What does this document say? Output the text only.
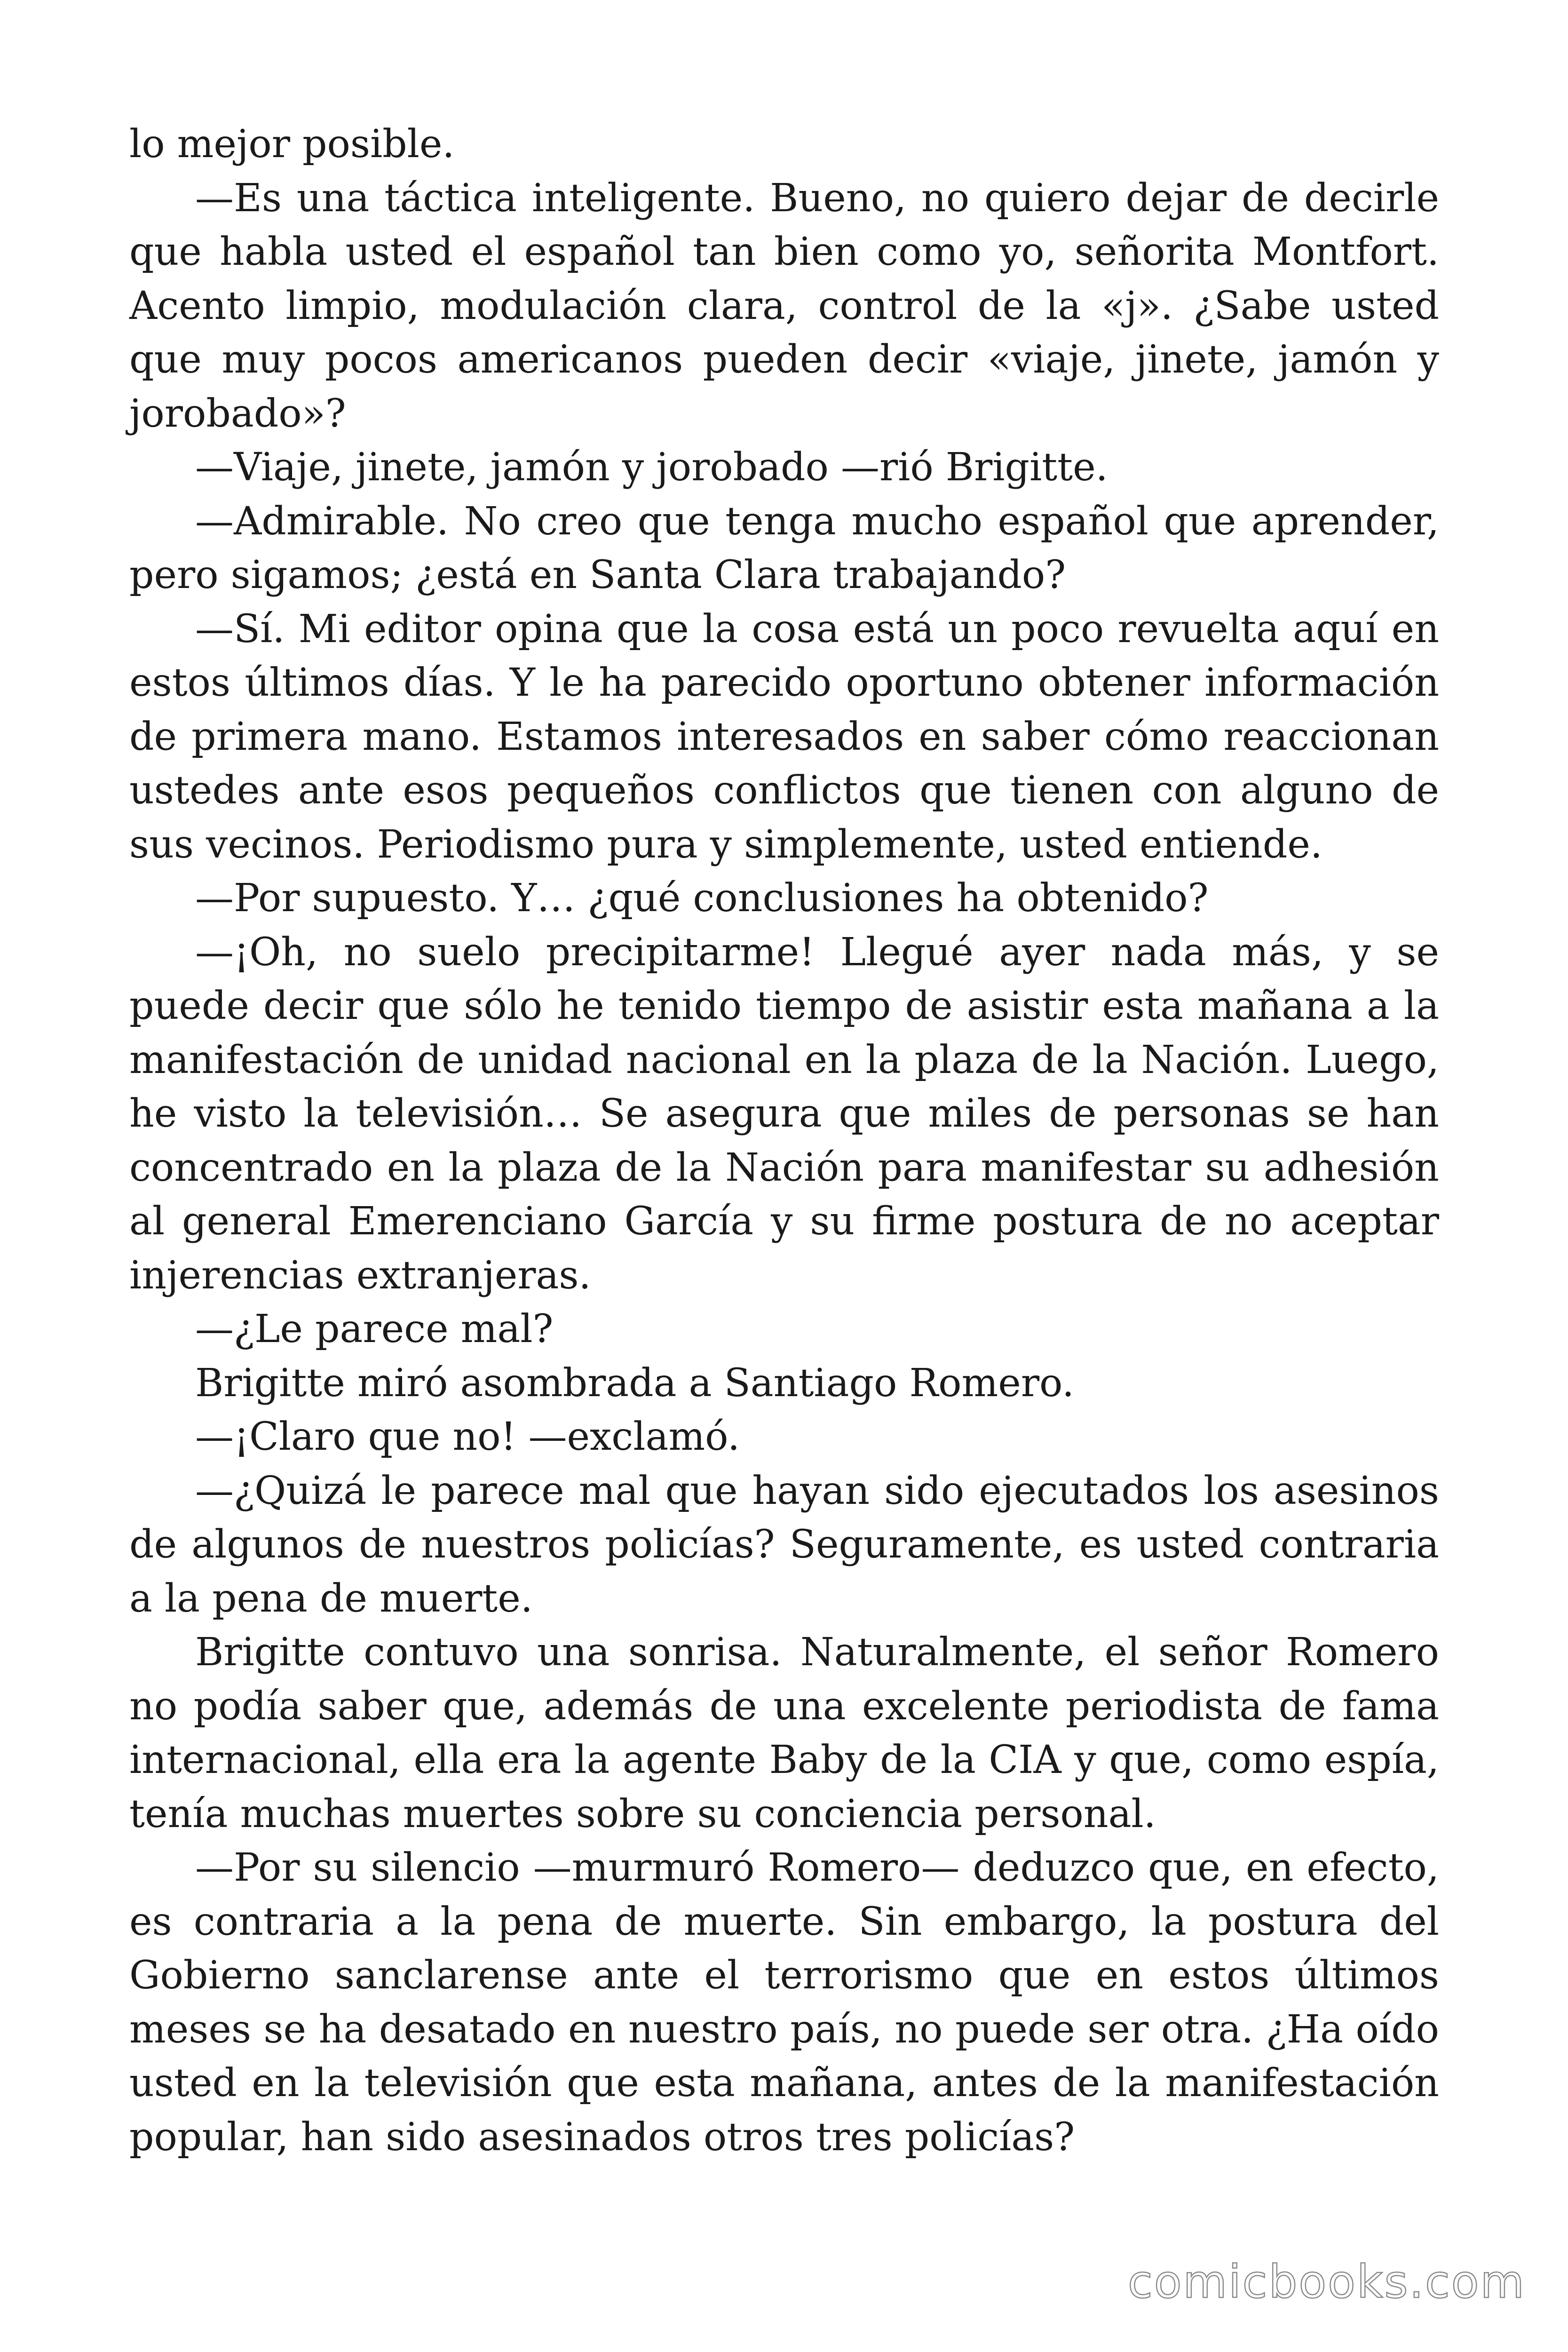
lo mejor posible.

—Es una táctica inteligente. Bueno, no quiero dejar de decirle que habla usted el español tan bien como yo, señorita Montfort. Acento limpio, modulación clara, control de la «j». ¿Sabe usted que muy pocos americanos pueden decir «viaje, jinete, jamón y jorobado»?

—Viaje, jinete, jamón y jorobado —rió Brigitte.

—Admirable. No creo que tenga mucho español que aprender, pero sigamos; ¿está en Santa Clara trabajando?

—Sí. Mi editor opina que la cosa está un poco revuelta aquí en estos últimos días. Y le ha parecido oportuno obtener información de primera mano. Estamos interesados en saber cómo reaccionan ustedes ante esos pequeños conflictos que tienen con alguno de sus vecinos. Periodismo pura y simplemente, usted entiende.

—Por supuesto. Y… ¿qué conclusiones ha obtenido?

—¡Oh, no suelo precipitarme! Llegué ayer nada más, y se puede decir que sólo he tenido tiempo de asistir esta mañana a la manifestación de unidad nacional en la plaza de la Nación. Luego, he visto la televisión… Se asegura que miles de personas se han concentrado en la plaza de la Nación para manifestar su adhesión al general Emerenciano García y su firme postura de no aceptar injerencias extranjeras.

—¿Le parece mal?

Brigitte miró asombrada a Santiago Romero.

—¡Claro que no! —exclamó.

—¿Quizá le parece mal que hayan sido ejecutados los asesinos de algunos de nuestros policías? Seguramente, es usted contraria a la pena de muerte.

Brigitte contuvo una sonrisa. Naturalmente, el señor Romero no podía saber que, además de una excelente periodista de fama internacional, ella era la agente Baby de la CIA y que, como espía, tenía muchas muertes sobre su conciencia personal.

—Por su silencio —murmuró Romero— deduzco que, en efecto, es contraria a la pena de muerte. Sin embargo, la postura del Gobierno sanclarense ante el terrorismo que en estos últimos meses se ha desatado en nuestro país, no puede ser otra. ¿Ha oído usted en la televisión que esta mañana, antes de la manifestación popular, han sido asesinados otros tres policías?

comicbooks.com
